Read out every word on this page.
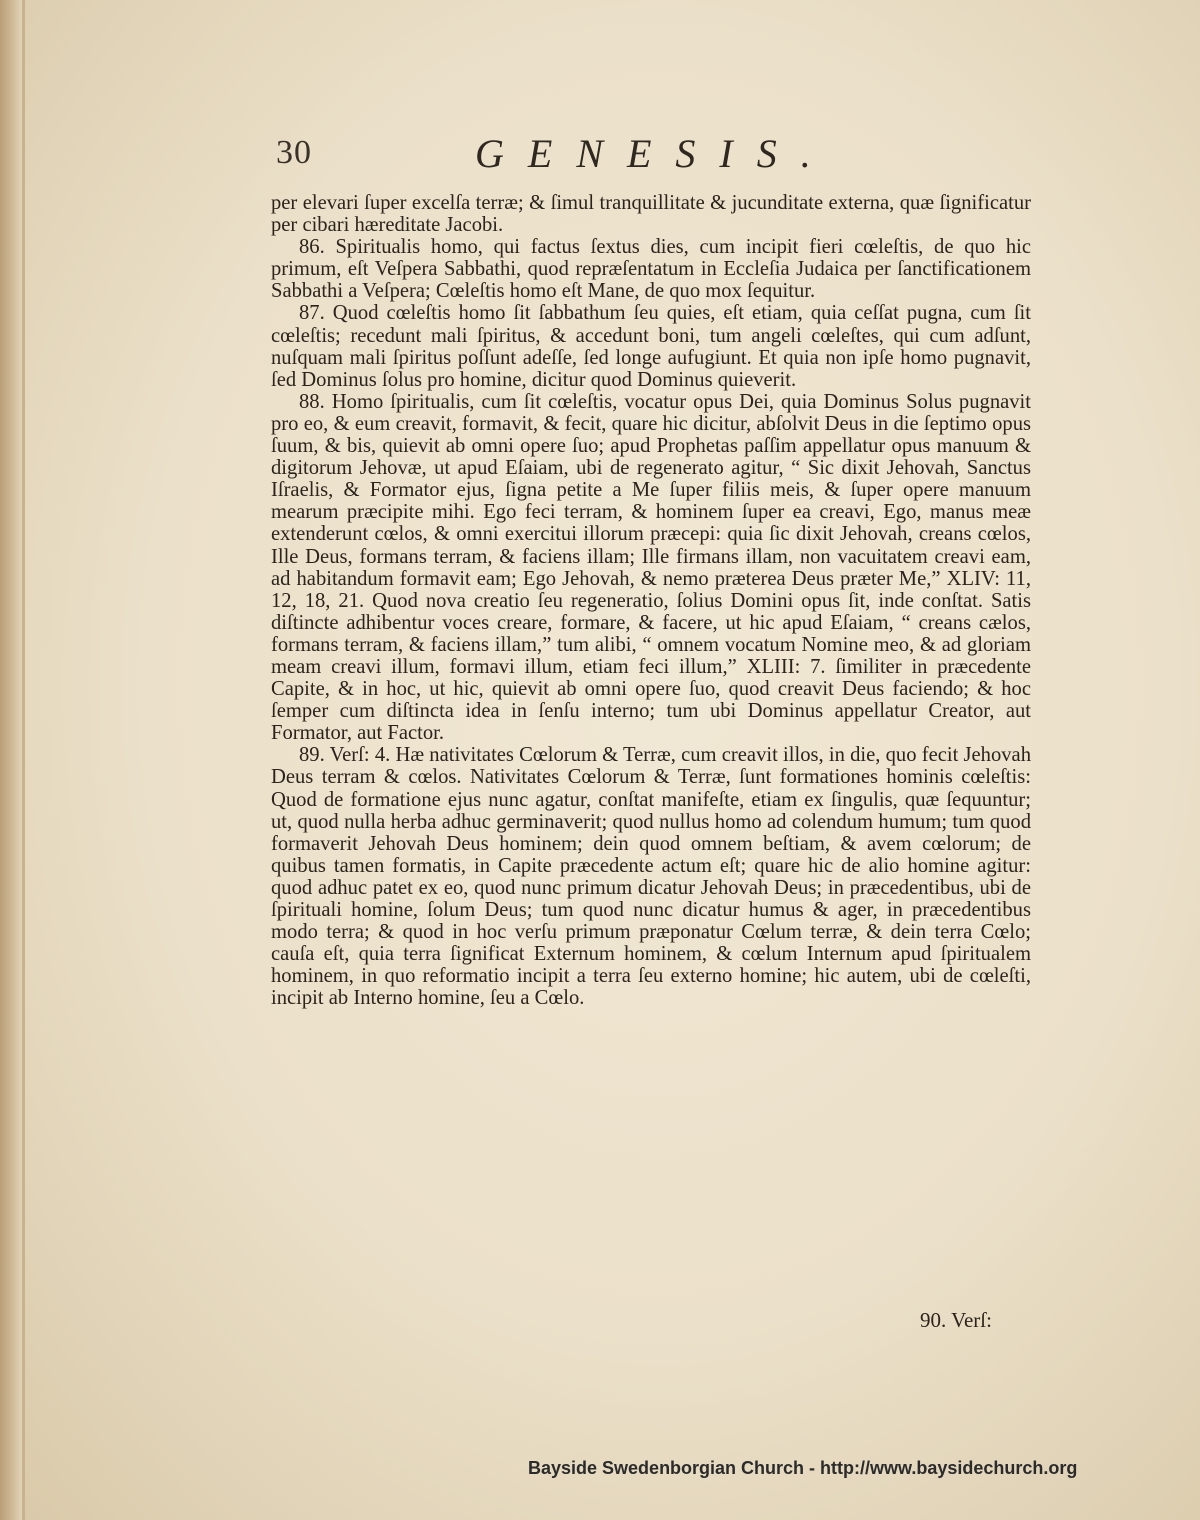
30	GENESIS.

per elevari ſuper excelſa terræ; & ſimul tranquillitate & jucunditate externa, quæ ſignificatur per cibari hæreditate Jacobi.

86. Spiritualis homo, qui factus ſextus dies, cum incipit fieri cœleſtis, de quo hic primum, eſt Veſpera Sabbathi, quod repræſentatum in Eccleſia Judaica per ſanctificationem Sabbathi a Veſpera; Cœleſtis homo eſt Mane, de quo mox ſequitur.

87. Quod cœleſtis homo ſit ſabbathum ſeu quies, eſt etiam, quia ceſſat pugna, cum ſit cœleſtis; recedunt mali ſpiritus, & accedunt boni, tum angeli cœleſtes, qui cum adſunt, nuſquam mali ſpiritus poſſunt adeſſe, ſed longe aufugiunt. Et quia non ipſe homo pugnavit, ſed Dominus ſolus pro homine, dicitur quod Dominus quieverit.

88. Homo ſpiritualis, cum ſit cœleſtis, vocatur opus Dei, quia Dominus Solus pugnavit pro eo, & eum creavit, formavit, & fecit, quare hic dicitur, abſolvit Deus in die ſeptimo opus ſuum, & bis, quievit ab omni opere ſuo; apud Prophetas paſſim appellatur opus manuum & digitorum Jehovæ, ut apud Eſaiam, ubi de regenerato agitur, “ Sic dixit Jehovah, Sanctus Iſraelis, & Formator ejus, ſigna petite a Me ſuper filiis meis, & ſuper opere manuum mearum præcipite mihi. Ego feci terram, & hominem ſuper ea creavi, Ego, manus meæ extenderunt cœlos, & omni exercitui illorum præcepi: quia ſic dixit Jehovah, creans cœlos, Ille Deus, formans terram, & faciens illam; Ille firmans illam, non vacuitatem creavi eam, ad habitandum formavit eam; Ego Jehovah, & nemo præterea Deus præter Me,” XLIV: 11, 12, 18, 21. Quod nova creatio ſeu regeneratio, ſolius Domini opus ſit, inde conſtat. Satis diſtincte adhibentur voces creare, formare, & facere, ut hic apud Eſaiam, “ creans cælos, formans terram, & faciens illam,” tum alibi, “ omnem vocatum Nomine meo, & ad gloriam meam creavi illum, formavi illum, etiam feci illum,” XLIII: 7. ſimiliter in præcedente Capite, & in hoc, ut hic, quievit ab omni opere ſuo, quod creavit Deus faciendo; & hoc ſemper cum diſtincta idea in ſenſu interno; tum ubi Dominus appellatur Creator, aut Formator, aut Factor.

89. Verſ: 4. Hæ nativitates Cœlorum & Terræ, cum creavit illos, in die, quo fecit Jehovah Deus terram & cœlos. Nativitates Cœlorum & Terræ, ſunt formationes hominis cœleſtis: Quod de formatione ejus nunc agatur, conſtat manifeſte, etiam ex ſingulis, quæ ſequuntur; ut, quod nulla herba adhuc germinaverit; quod nullus homo ad colendum humum; tum quod formaverit Jehovah Deus hominem; dein quod omnem beſtiam, & avem cœlorum; de quibus tamen formatis, in Capite præcedente actum eſt; quare hic de alio homine agitur: quod adhuc patet ex eo, quod nunc primum dicatur Jehovah Deus; in præcedentibus, ubi de ſpirituali homine, ſolum Deus; tum quod nunc dicatur humus & ager, in præcedentibus modo terra; & quod in hoc verſu primum præponatur Cœlum terræ, & dein terra Cœlo; cauſa eſt, quia terra ſignificat Externum hominem, & cœlum Internum apud ſpiritualem hominem, in quo reformatio incipit a terra ſeu externo homine; hic autem, ubi de cœleſti, incipit ab Interno homine, ſeu a Cœlo.

90. Verſ:
Bayside Swedenborgian Church - http://www.baysidechurch.org
